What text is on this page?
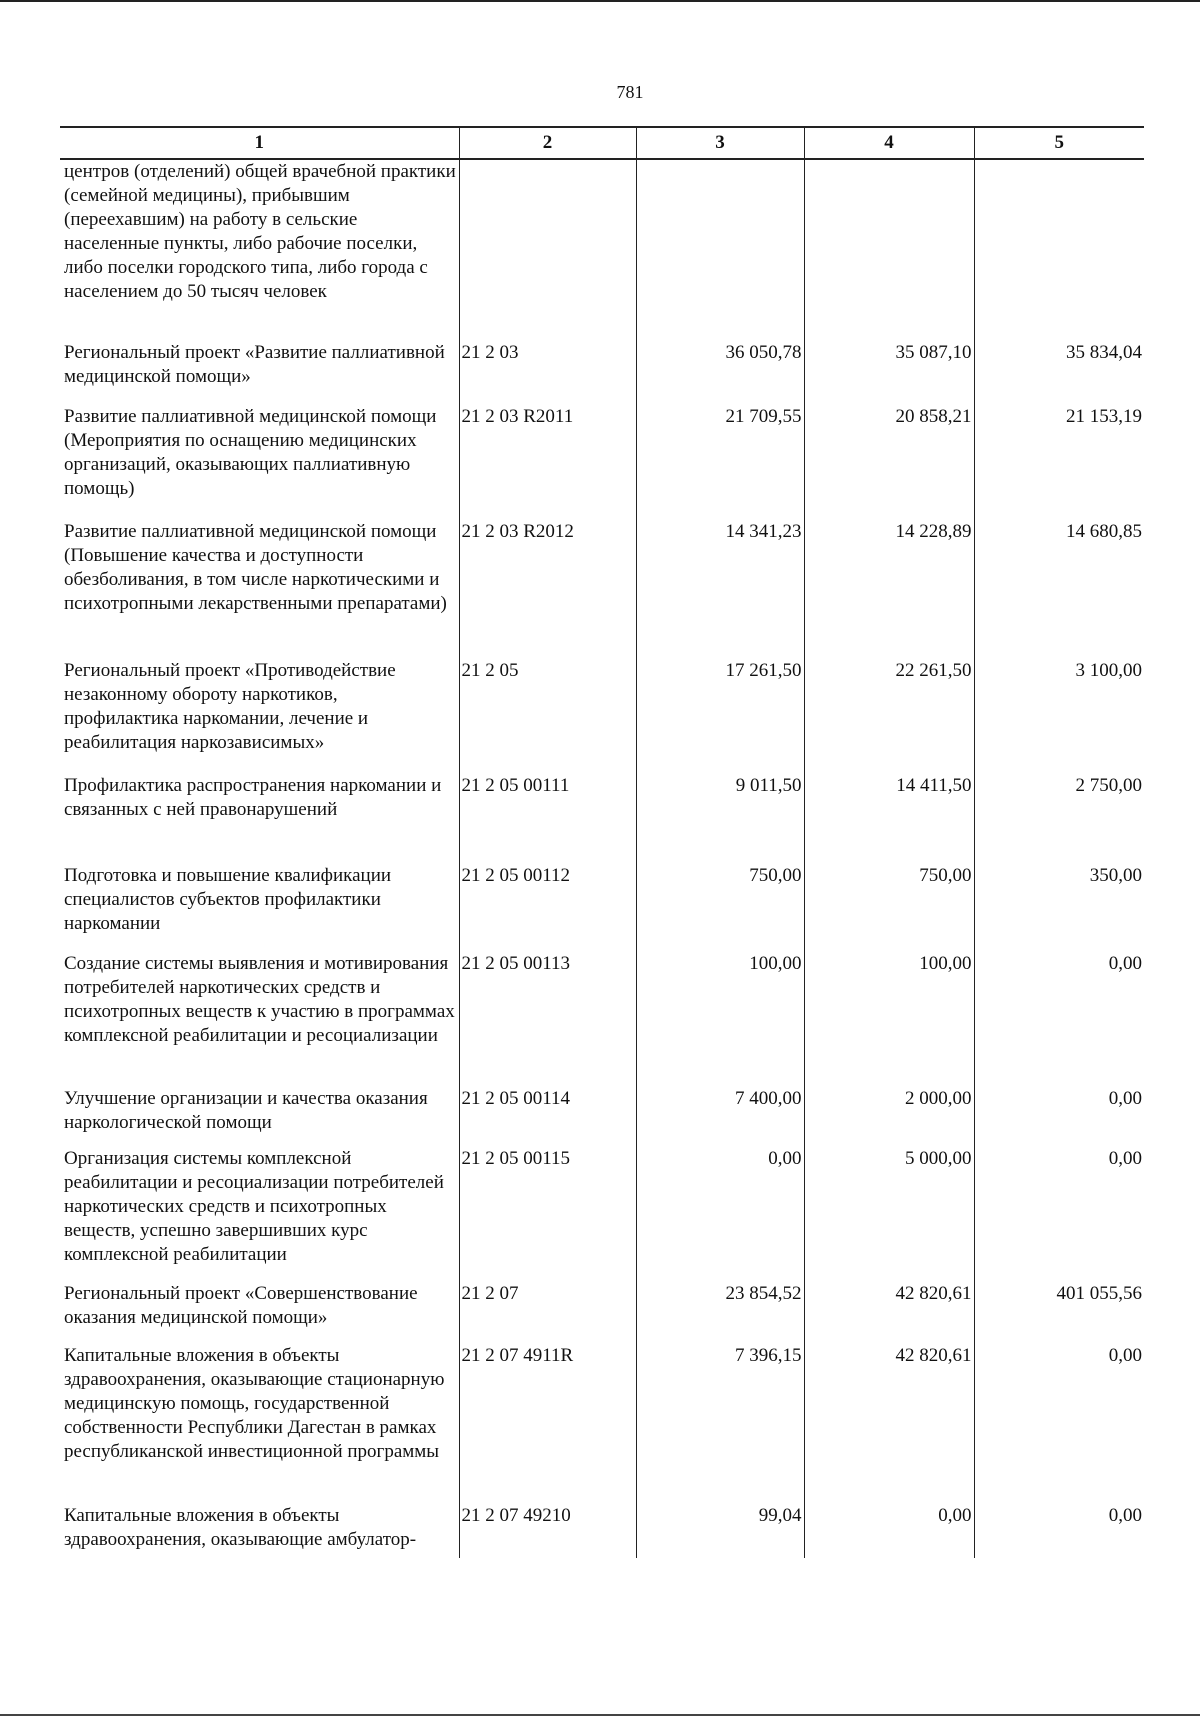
781
1	2	3	4	5
центров (отделений) общей врачебной практики (семейной медицины), прибывшим (переехавшим) на работу в сельские населенные пункты, либо рабочие поселки, либо поселки городского типа, либо города с населением до 50 тысяч человек				
Региональный проект «Развитие паллиативной медицинской помощи»	21 2 03	36 050,78	35 087,10	35 834,04
Развитие паллиативной медицинской помощи (Мероприятия по оснащению медицинских организаций, оказывающих паллиативную помощь)	21 2 03 R2011	21 709,55	20 858,21	21 153,19
Развитие паллиативной медицинской помощи (Повышение качества и доступности обезболивания, в том числе наркотическими и психотропными лекарственными препаратами)	21 2 03 R2012	14 341,23	14 228,89	14 680,85
Региональный проект «Противодействие незаконному обороту наркотиков, профилактика наркомании, лечение и реабилитация наркозависимых»	21 2 05	17 261,50	22 261,50	3 100,00
Профилактика распространения наркомании и связанных с ней правонарушений	21 2 05 00111	9 011,50	14 411,50	2 750,00
Подготовка и повышение квалификации специалистов субъектов профилактики наркомании	21 2 05 00112	750,00	750,00	350,00
Создание системы выявления и мотивирования потребителей наркотических средств и психотропных веществ к участию в программах комплексной реабилитации и ресоциализации	21 2 05 00113	100,00	100,00	0,00
Улучшение организации и качества оказания наркологической помощи	21 2 05 00114	7 400,00	2 000,00	0,00
Организация системы комплексной реабилитации и ресоциализации потребителей наркотических средств и психотропных веществ, успешно завершивших курс комплексной реабилитации	21 2 05 00115	0,00	5 000,00	0,00
Региональный проект «Совершенствование оказания медицинской помощи»	21 2 07	23 854,52	42 820,61	401 055,56
Капитальные вложения в объекты здравоохранения, оказывающие стационарную медицинскую помощь, государственной собственности Республики Дагестан в рамках республиканской инвестиционной программы	21 2 07 4911R	7 396,15	42 820,61	0,00
Капитальные вложения в объекты здравоохранения, оказывающие амбулатор-	21 2 07 49210	99,04	0,00	0,00
